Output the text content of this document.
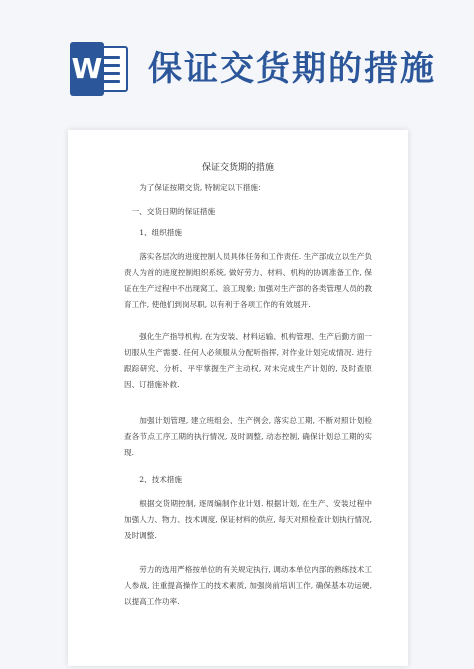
W 保证交货期的措施
保证交货期的措施
为了保证按期交货, 特制定以下措施：
一、交货日期的保证措施
1、组织措施
落实各层次的进度控制人员具体任务和工作责任. 生产部成立以生产负责人为首的进度控制组织系统, 做好劳力、材料、机构的协调准备工作, 保证在生产过程中不出现窝工、浪工现象; 加强对生产部的各类管理人员的教育工作, 使他们到岗尽职, 以有利于各项工作的有效展开.
强化生产指导机构, 在为安装、材料运输、机构管理、生产后勤方面一切服从生产需要. 任何人必须服从分配听指挥, 对作业计划完成情况. 进行跟踪研究、分析、平牢掌握生产主动权, 对未完成生产计划的, 及时查原因、订措施补救.
加强计划管理, 建立班组会、生产例会, 落实总工期, 不断对照计划检查各节点工序工期的执行情况, 及时调整, 动态控制, 确保计划总工期的实现.
2、技术措施
根据交货期控制, 逐周编制作业计划. 根据计划, 在生产、安装过程中加强人力、物力、技术调度, 保证材料的供应, 每天对照检查计划执行情况, 及时调整.
劳力的选用严格按单位的有关规定执行, 调动本单位内部的熟练技术工人参战, 注重提高操作工的技术素质, 加强岗前培训工作, 确保基本功运硬, 以提高工作功率.
